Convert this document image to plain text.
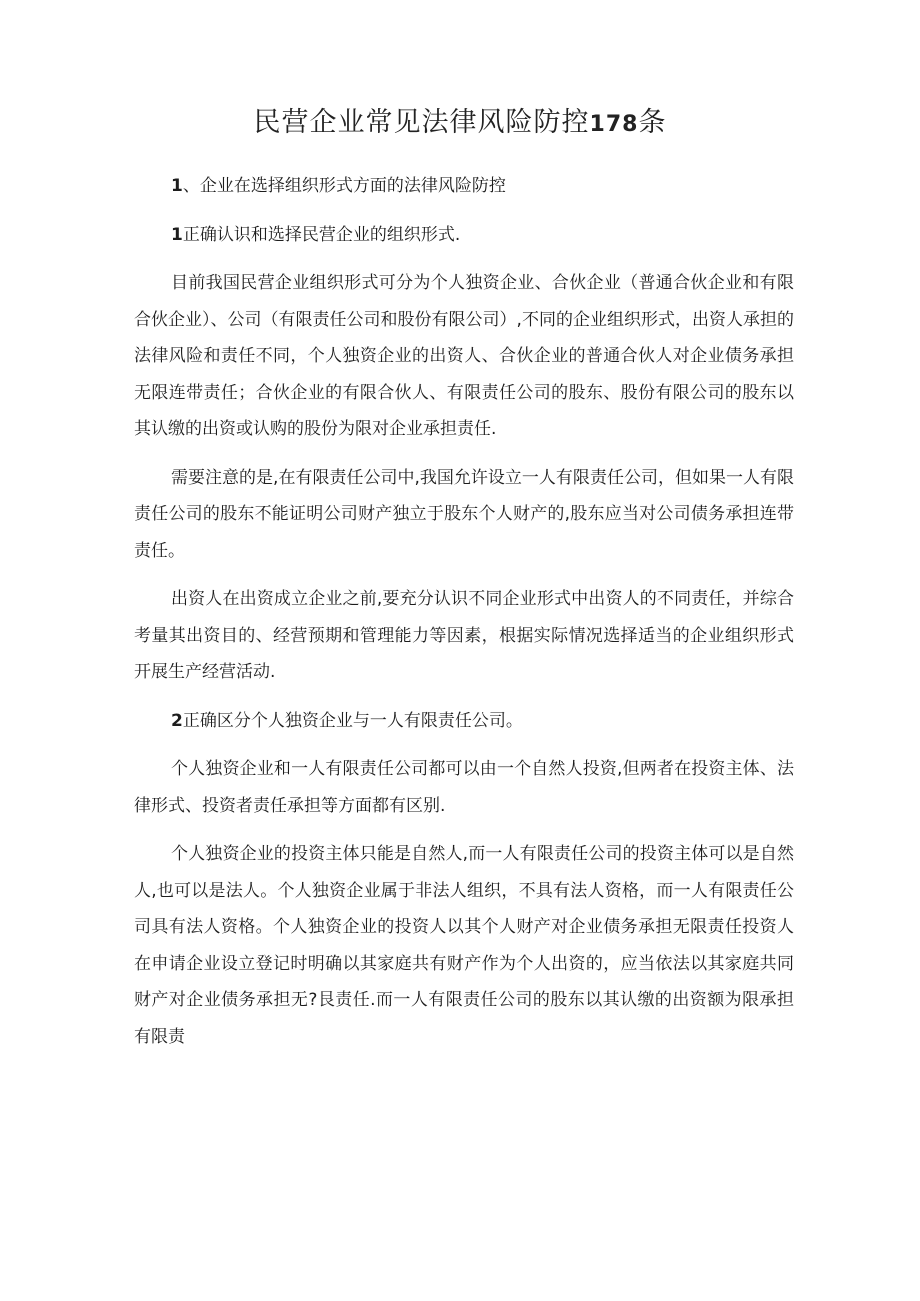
民营企业常见法律风险防控178条

1、企业在选择组织形式方面的法律风险防控

1正确认识和选择民营企业的组织形式.

目前我国民营企业组织形式可分为个人独资企业、合伙企业（普通合伙企业和有限合伙企业）、公司（有限责任公司和股份有限公司）,不同的企业组织形式，出资人承担的法律风险和责任不同，个人独资企业的出资人、合伙企业的普通合伙人对企业债务承担无限连带责任；合伙企业的有限合伙人、有限责任公司的股东、股份有限公司的股东以其认缴的出资或认购的股份为限对企业承担责任.

需要注意的是,在有限责任公司中,我国允许设立一人有限责任公司，但如果一人有限责任公司的股东不能证明公司财产独立于股东个人财产的,股东应当对公司债务承担连带责任。

出资人在出资成立企业之前,要充分认识不同企业形式中出资人的不同责任，并综合考量其出资目的、经营预期和管理能力等因素，根据实际情况选择适当的企业组织形式开展生产经营活动.

2正确区分个人独资企业与一人有限责任公司。

个人独资企业和一人有限责任公司都可以由一个自然人投资,但两者在投资主体、法律形式、投资者责任承担等方面都有区别.

个人独资企业的投资主体只能是自然人,而一人有限责任公司的投资主体可以是自然人,也可以是法人。个人独资企业属于非法人组织，不具有法人资格，而一人有限责任公司具有法人资格。个人独资企业的投资人以其个人财产对企业债务承担无限责任投资人在申请企业设立登记时明确以其家庭共有财产作为个人出资的，应当依法以其家庭共同财产对企业债务承担无?艮责任.而一人有限责任公司的股东以其认缴的出资额为限承担有限责
